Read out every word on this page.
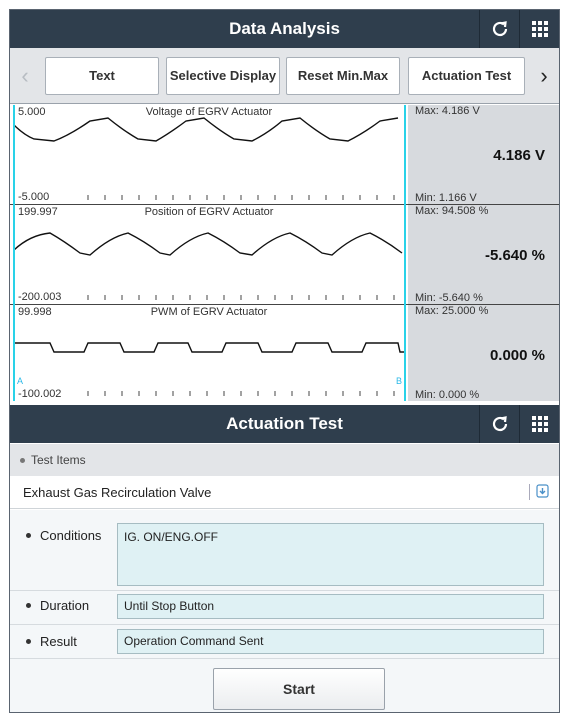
Data Analysis
‹	Text	Selective Display	Reset Min.Max	Actuation Test	›
Voltage of EGRV Actuator
5.000
-5.000
Max: 4.186 V
4.186 V
Min: 1.166 V
Position of EGRV Actuator
199.997
-200.003
Max: 94.508 %
-5.640 %
Min: -5.640 %
PWM of EGRV Actuator
99.998
-100.002
Max: 25.000 %
0.000 %
Min: 0.000 %
A	B
Actuation Test
Test Items
Exhaust Gas Recirculation Valve
Conditions	IG. ON/ENG.OFF
Duration	Until Stop Button
Result	Operation Command Sent
Start
